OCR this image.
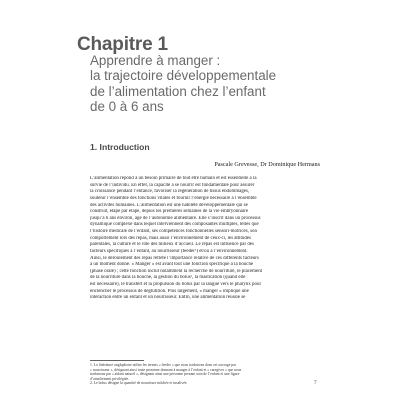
Chapitre 1
Apprendre à manger :
la trajectoire développementale
de l’alimentation chez l’enfant
de 0 à 6 ans
1. Introduction

Pascale Grevesse, Dr Dominique Hermans

L’alimentation répond à un besoin primaire de tout être humain et est essentielle à la
survie de l’individu. En effet, la capacité à se nourrir est fondamentale pour assurer
la croissance pendant l’enfance, favoriser la régénération de tissus endommagés,
soutenir l’ensemble des fonctions vitales et fournir l’énergie nécessaire à l’ensemble
des activités humaines. L’alimentation est une habileté développementale qui se
construit, étape par étape, depuis les premières semaines de la vie embryonnaire
jusqu’à 6 ans environ, âge de l’autonomie alimentaire. Elle s’inscrit dans un processus
dynamique complexe dans lequel interviennent des composantes multiples, telles que
l’histoire médicale de l’enfant, ses compétences fonctionnelles sensori-motrices, son
comportement lors des repas, mais aussi l’environnement de ceux-ci, les attitudes
parentales, la culture et le rôle des milieux d’accueil. Le repas est influencé par des
facteurs spécifiques à l’enfant, au nourrisseur (feeder¹) et/ou à l’environnement.
Ainsi, le déroulement des repas reflète l’importance relative de ces différents facteurs
à un moment donné. « Manger » est avant tout une fonction spécifique à la bouche
(phase orale) ; cette fonction inclut notamment la recherche de nourriture, le placement
de la nourriture dans la bouche, la gestion du bolus², la mastication (quand elle
est nécessaire), le transfert et la propulsion du bolus par la langue vers le pharynx pour
enclencher le processus de déglutition. Plus largement, « manger » implique une
interaction entre un enfant et un nourrisseur. Enfin, une alimentation réussie se
1. La littérature anglophone utilise les termes « feeder » que nous traduirons dans cet ouvrage par
« nourrisseur », désignant ainsi toute personne donnant à manger à l’enfant et « caregiver » que nous
traduirons par « aidant naturel », désignant ainsi une personne prenant soin de l’enfant et une figure
d’attachement privilégiée.
2. Le bolus désigne la quantité de nourriture mâchée et insalivée.	7
